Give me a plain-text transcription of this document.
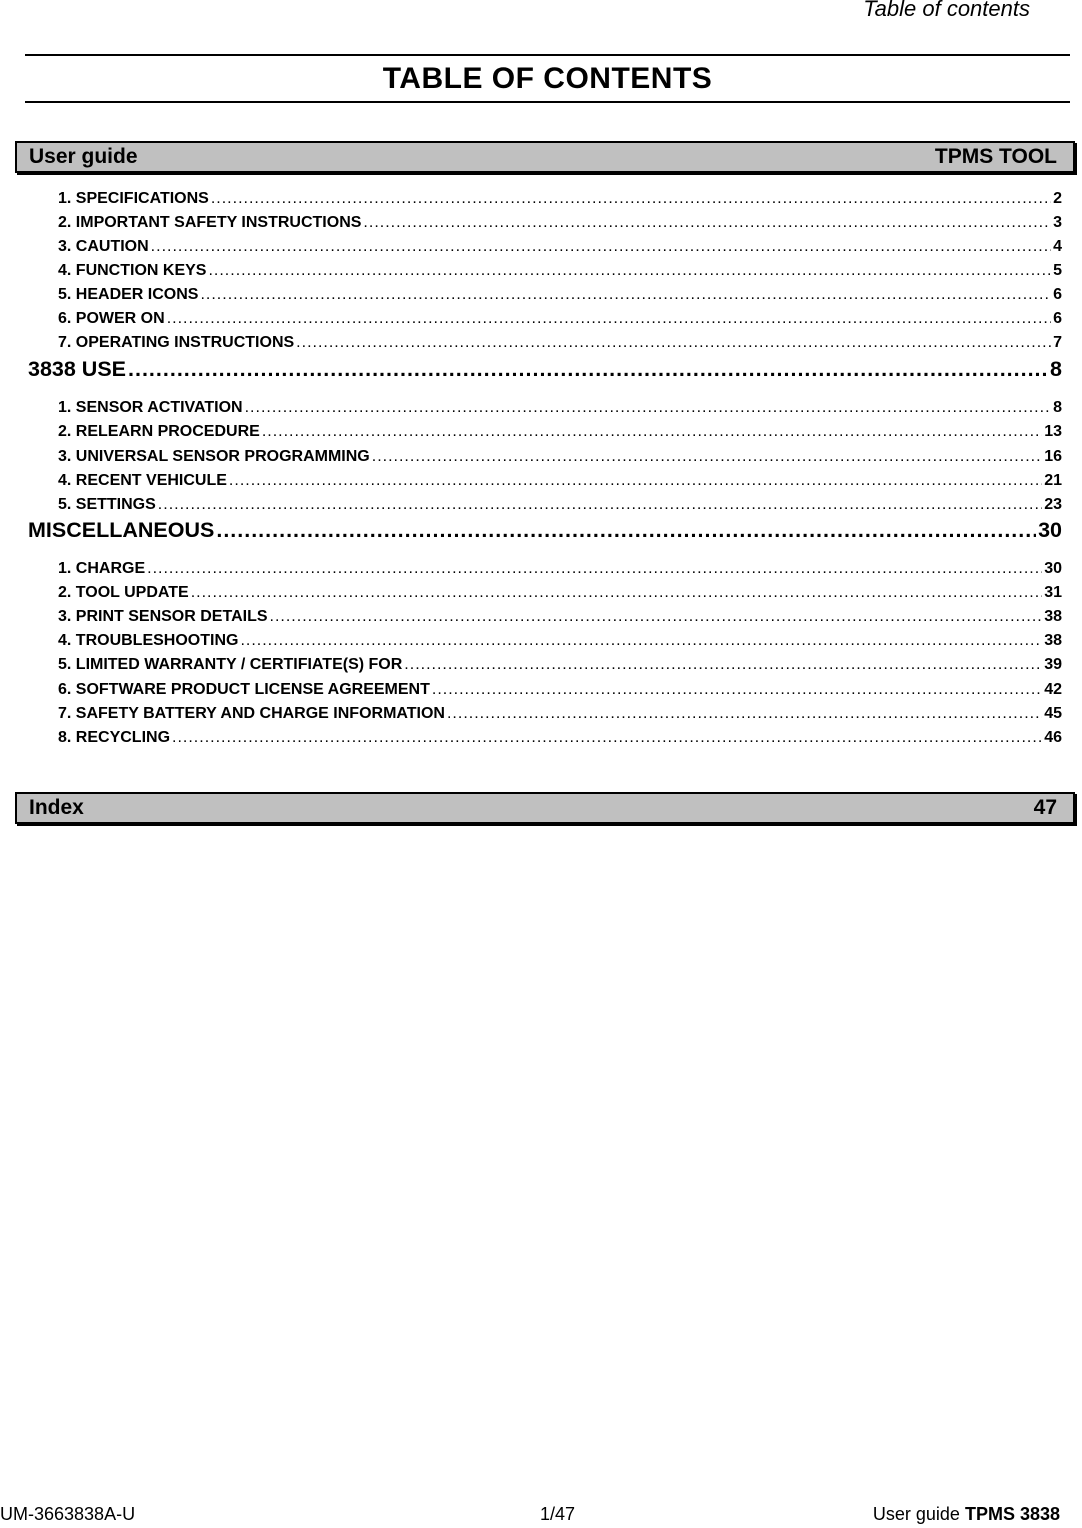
Table of contents
TABLE OF CONTENTS
User guide	TPMS TOOL
1. SPECIFICATIONS .....	2
2. IMPORTANT SAFETY INSTRUCTIONS .....	3
3. CAUTION .....	4
4. FUNCTION KEYS .....	5
5. HEADER ICONS .....	6
6. POWER ON .....	6
7. OPERATING INSTRUCTIONS .....	7
3838 USE .....	8
1. SENSOR ACTIVATION .....	8
2. RELEARN PROCEDURE .....	13
3. UNIVERSAL SENSOR PROGRAMMING .....	16
4. RECENT VEHICULE .....	21
5. SETTINGS .....	23
MISCELLANEOUS .....	30
1. CHARGE .....	30
2. TOOL UPDATE .....	31
3. PRINT SENSOR DETAILS .....	38
4. TROUBLESHOOTING .....	38
5. LIMITED WARRANTY / CERTIFIATE(S) FOR .....	39
6. SOFTWARE PRODUCT LICENSE AGREEMENT .....	42
7. SAFETY BATTERY AND CHARGE INFORMATION .....	45
8. RECYCLING .....	46
Index	47
UM-3663838A-U	1/47	User guide TPMS 3838
